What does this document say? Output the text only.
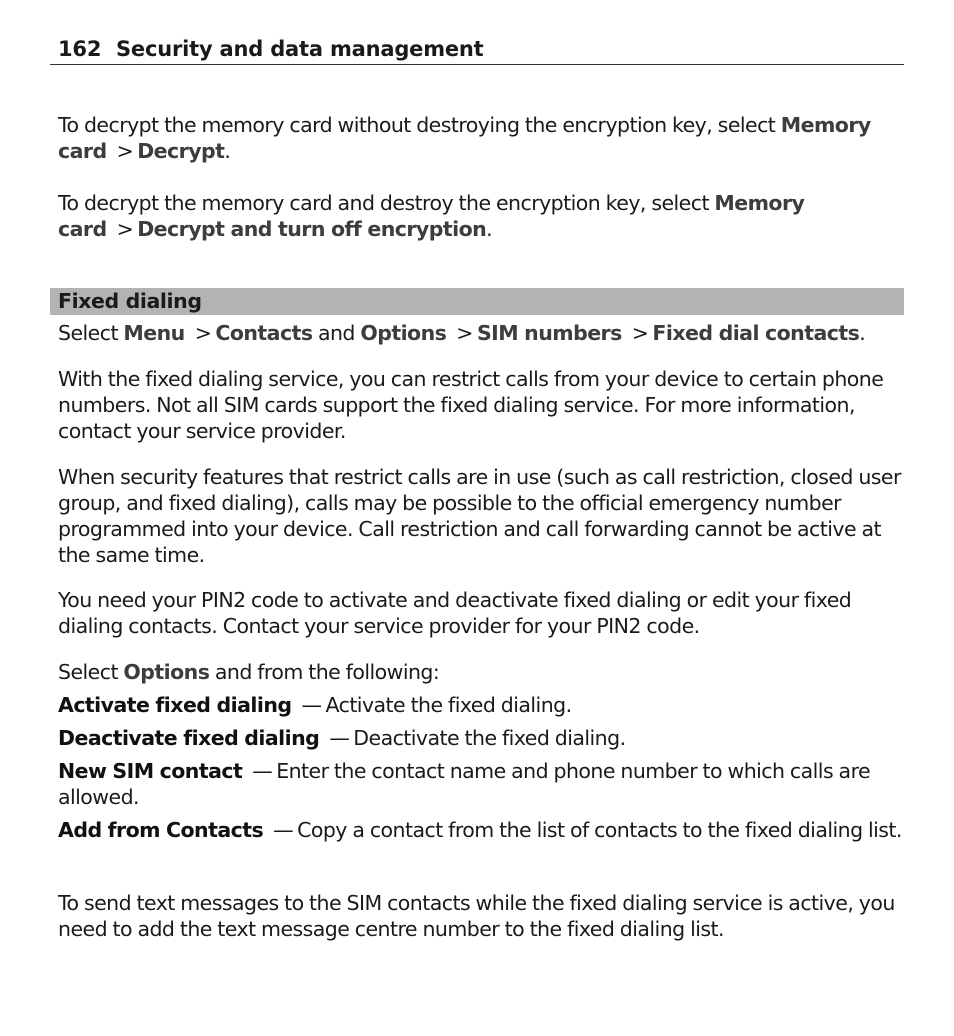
162 Security and data management
To decrypt the memory card without destroying the encryption key, select Memory card > Decrypt.
To decrypt the memory card and destroy the encryption key, select Memory card > Decrypt and turn off encryption.
Fixed dialing
Select Menu > Contacts and Options > SIM numbers > Fixed dial contacts.
With the fixed dialing service, you can restrict calls from your device to certain phone numbers. Not all SIM cards support the fixed dialing service. For more information, contact your service provider.
When security features that restrict calls are in use (such as call restriction, closed user group, and fixed dialing), calls may be possible to the official emergency number programmed into your device. Call restriction and call forwarding cannot be active at the same time.
You need your PIN2 code to activate and deactivate fixed dialing or edit your fixed dialing contacts. Contact your service provider for your PIN2 code.
Select Options and from the following:
Activate fixed dialing — Activate the fixed dialing.
Deactivate fixed dialing — Deactivate the fixed dialing.
New SIM contact — Enter the contact name and phone number to which calls are allowed.
Add from Contacts — Copy a contact from the list of contacts to the fixed dialing list.
To send text messages to the SIM contacts while the fixed dialing service is active, you need to add the text message centre number to the fixed dialing list.
